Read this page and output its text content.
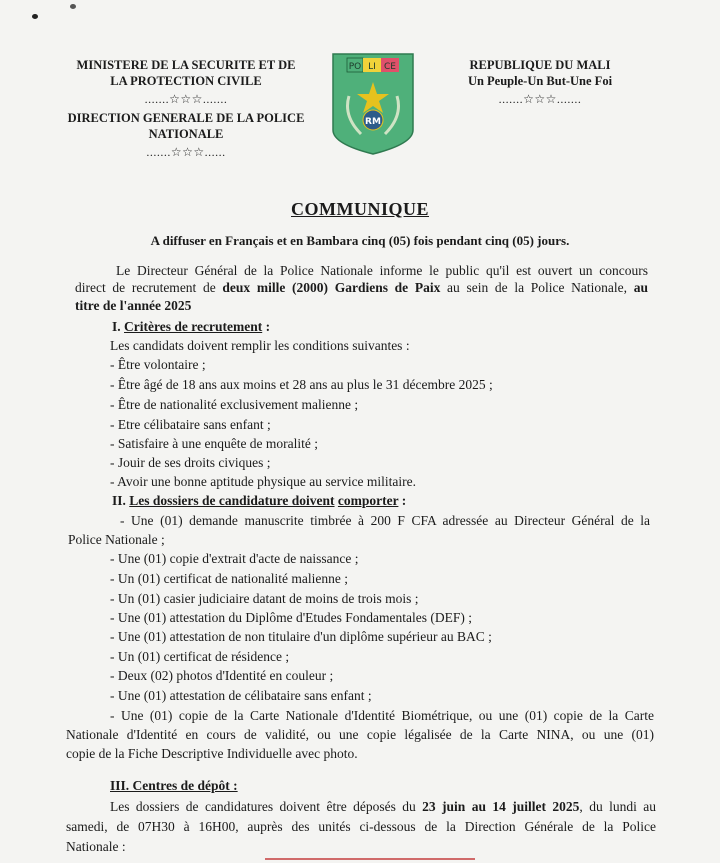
MINISTERE DE LA SECURITE ET DE
LA PROTECTION CIVILE
.......☆☆☆.......
DIRECTION GENERALE DE LA POLICE
NATIONALE
.......☆☆☆......
PO LI CE
RM
REPUBLIQUE DU MALI
Un Peuple-Un But-Une Foi
.......☆☆☆.......
COMMUNIQUE
A diffuser en Français et en Bambara cinq (05) fois pendant cinq (05) jours.
Le Directeur Général de la Police Nationale informe le public qu'il est ouvert un concours
direct de recrutement de deux mille (2000) Gardiens de Paix au sein de la Police Nationale, au
titre de l'année 2025
I. Critères de recrutement :
Les candidats doivent remplir les conditions suivantes :
- Être volontaire ;
- Être âgé de 18 ans aux moins et 28 ans au plus le 31 décembre 2025 ;
- Être de nationalité exclusivement malienne ;
- Etre célibataire sans enfant ;
- Satisfaire à une enquête de moralité ;
- Jouir de ses droits civiques ;
- Avoir une bonne aptitude physique au service militaire.
II. Les dossiers de candidature doivent comporter :
- Une (01) demande manuscrite timbrée à 200 F CFA adressée au Directeur Général de la
Police Nationale ;
- Une (01) copie d'extrait d'acte de naissance ;
- Un (01) certificat de nationalité malienne ;
- Un (01) casier judiciaire datant de moins de trois mois ;
- Une (01) attestation du Diplôme d'Etudes Fondamentales (DEF) ;
- Une (01) attestation de non titulaire d'un diplôme supérieur au BAC ;
- Un (01) certificat de résidence ;
- Deux (02) photos d'Identité en couleur ;
- Une (01) attestation de célibataire sans enfant ;
- Une (01) copie de la Carte Nationale d'Identité Biométrique, ou une (01) copie de la Carte
Nationale d'Identité en cours de validité, ou une copie légalisée de la Carte NINA, ou une (01)
copie de la Fiche Descriptive Individuelle avec photo.
III. Centres de dépôt :
Les dossiers de candidatures doivent être déposés du 23 juin au 14 juillet 2025, du lundi au
samedi, de 07H30 à 16H00, auprès des unités ci-dessous de la Direction Générale de la Police
Nationale :
